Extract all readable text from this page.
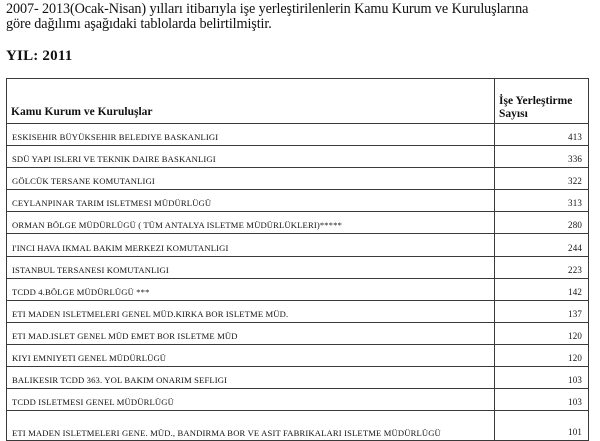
2007- 2013(Ocak-Nisan) yılları itibarıyla işe yerleştirilenlerin Kamu Kurum ve Kuruluşlarına
göre dağılımı aşağıdaki tablolarda belirtilmiştir.
YIL: 2011
Kamu Kurum ve Kuruluşlar	İşe Yerleştirme
Sayısı

ESKISEHIR BÜYÜKSEHIR BELEDIYE BASKANLIGI	413
SDÜ YAPI ISLERI VE TEKNIK DAIRE BASKANLIGI	336
GÖLCÜK TERSANE KOMUTANLIGI	322
CEYLANPINAR TARIM ISLETMESI MÜDÜRLÜGÜ	313
ORMAN BÖLGE MÜDÜRLÜGÜ ( TÜM ANTALYA ISLETME MÜDÜRLÜKLERI)*****	280
I'INCI HAVA IKMAL BAKIM MERKEZI KOMUTANLIGI	244
ISTANBUL TERSANESI KOMUTANLIGI	223
TCDD 4.BÖLGE MÜDÜRLÜGÜ ***	142
ETI MADEN ISLETMELERI GENEL MÜD.KIRKA BOR ISLETME MÜD.	137
ETI MAD.ISLET GENEL MÜD EMET BOR ISLETME MÜD	120
KIYI EMNIYETI GENEL MÜDÜRLÜGÜ	120
BALIKESIR TCDD 363. YOL BAKIM ONARIM SEFLIGI	103
TCDD ISLETMESI GENEL MÜDÜRLÜGÜ	103
ETI MADEN ISLETMELERI GENE. MÜD., BANDIRMA BOR VE ASIT FABRIKALARI ISLETME MÜDÜRLÜGÜ	101
